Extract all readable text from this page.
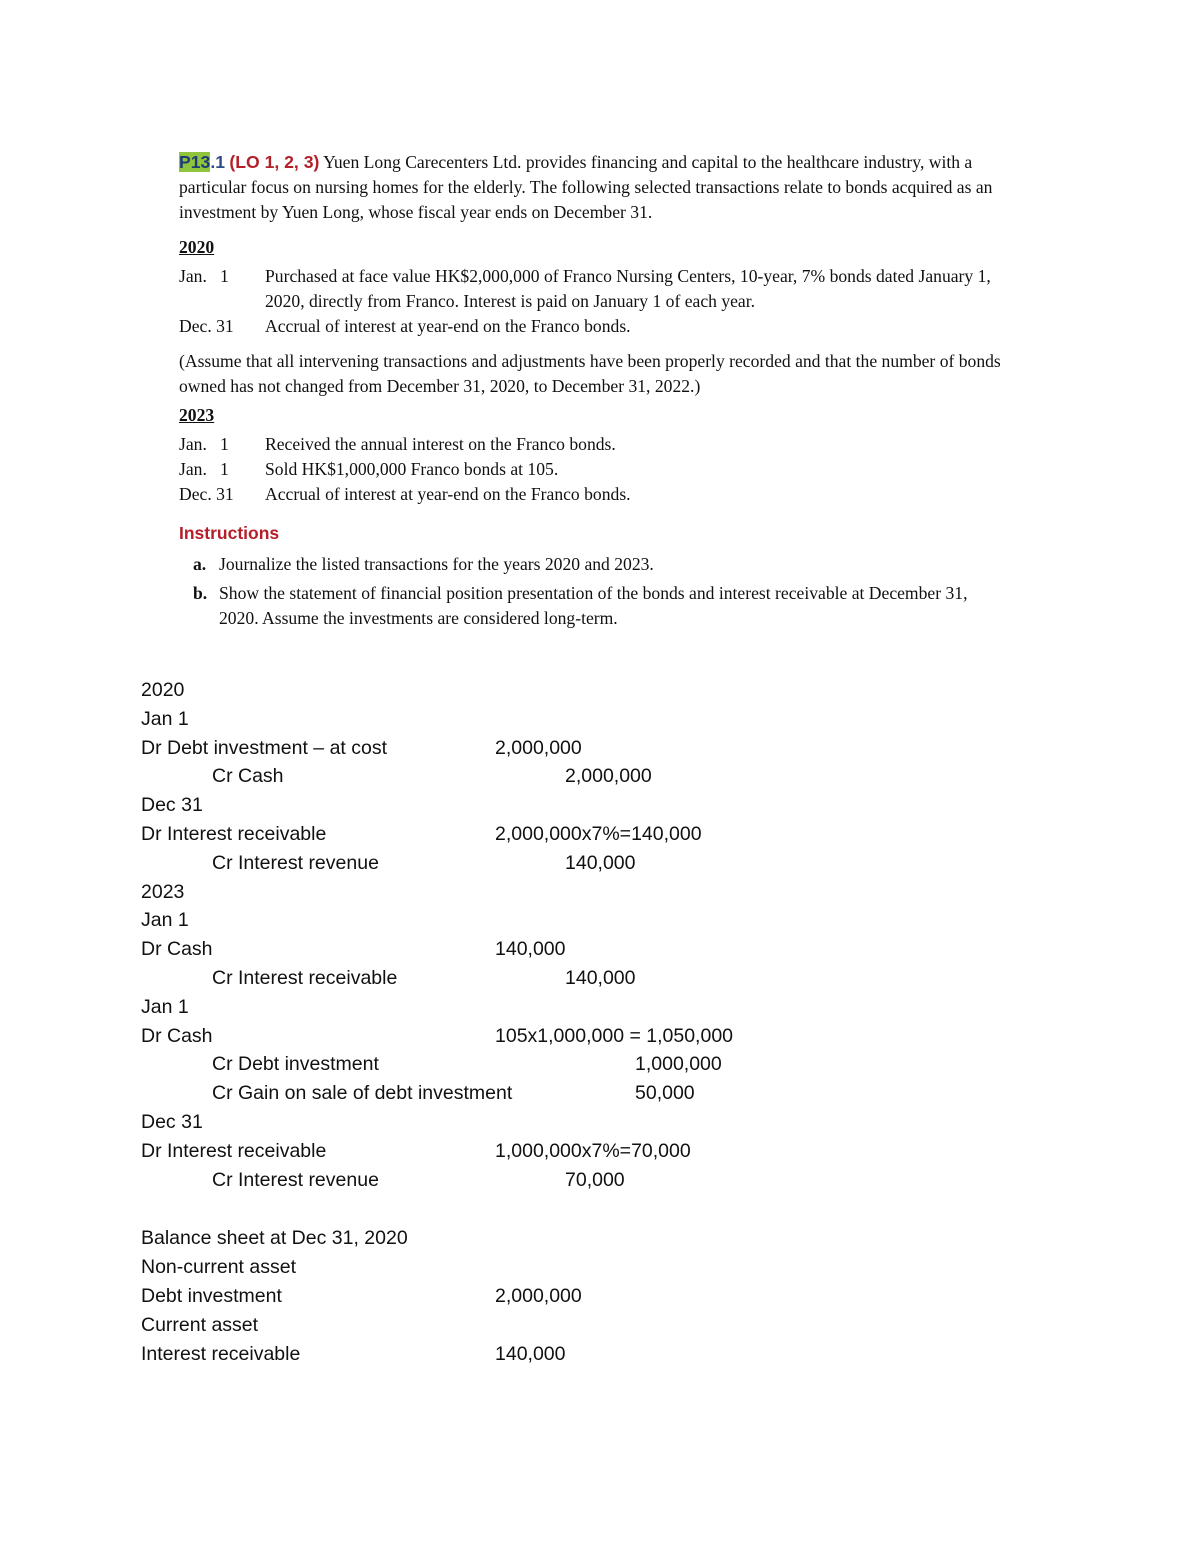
P13.1 (LO 1, 2, 3) Yuen Long Carecenters Ltd. provides financing and capital to the healthcare industry, with a particular focus on nursing homes for the elderly. The following selected transactions relate to bonds acquired as an investment by Yuen Long, whose fiscal year ends on December 31.

2020
Jan.   1	Purchased at face value HK$2,000,000 of Franco Nursing Centers, 10-year, 7% bonds dated January 1, 2020, directly from Franco. Interest is paid on January 1 of each year.
Dec. 31	Accrual of interest at year-end on the Franco bonds.

(Assume that all intervening transactions and adjustments have been properly recorded and that the number of bonds owned has not changed from December 31, 2020, to December 31, 2022.)

2023
Jan.   1	Received the annual interest on the Franco bonds.
Jan.   1	Sold HK$1,000,000 Franco bonds at 105.
Dec. 31	Accrual of interest at year-end on the Franco bonds.
Instructions
a. Journalize the listed transactions for the years 2020 and 2023.
b. Show the statement of financial position presentation of the bonds and interest receivable at December 31, 2020. Assume the investments are considered long-term.
2020
Jan 1
Dr Debt investment – at cost	2,000,000
Cr Cash	2,000,000
Dec 31
Dr Interest receivable	2,000,000x7%=140,000
Cr Interest revenue	140,000
2023
Jan 1
Dr Cash	140,000
Cr Interest receivable	140,000
Jan 1
Dr Cash	105x1,000,000 = 1,050,000
Cr Debt investment	1,000,000
Cr Gain on sale of debt investment	50,000
Dec 31
Dr Interest receivable	1,000,000x7%=70,000
Cr Interest revenue	70,000
Balance sheet at Dec 31, 2020
Non-current asset
Debt investment	2,000,000
Current asset
Interest receivable	140,000
